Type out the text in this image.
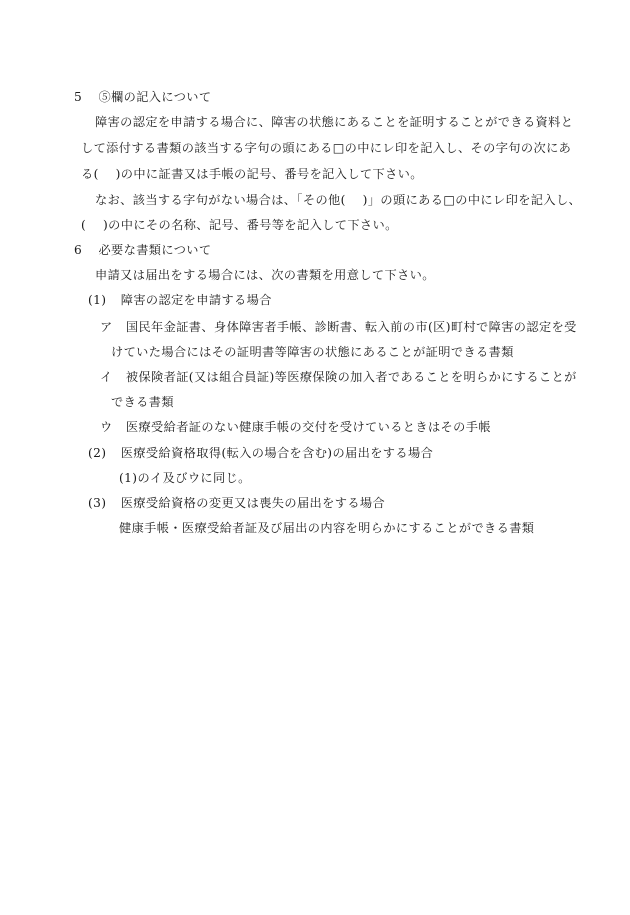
5 ⑤欄の記入について

障害の認定を申請する場合に、障害の状態にあることを証明することができる資料と

して添付する書類の該当する字句の頭にある□の中にレ印を記入し、その字句の次にあ

る(　 )の中に証書又は手帳の記号、番号を記入して下さい。

なお、該当する字句がない場合は、「その他(　 )」の頭にある□の中にレ印を記入し、

(　 )の中にその名称、記号、番号等を記入して下さい。

6 必要な書類について

申請又は届出をする場合には、次の書類を用意して下さい。

(1) 障害の認定を申請する場合

ア 国民年金証書、身体障害者手帳、診断書、転入前の市(区)町村で障害の認定を受

けていた場合にはその証明書等障害の状態にあることが証明できる書類

イ 被保険者証(又は組合員証)等医療保険の加入者であることを明らかにすることが

できる書類

ウ 医療受給者証のない健康手帳の交付を受けているときはその手帳

(2) 医療受給資格取得(転入の場合を含む)の届出をする場合

(1)のイ及びウに同じ。

(3) 医療受給資格の変更又は喪失の届出をする場合

健康手帳・医療受給者証及び届出の内容を明らかにすることができる書類
